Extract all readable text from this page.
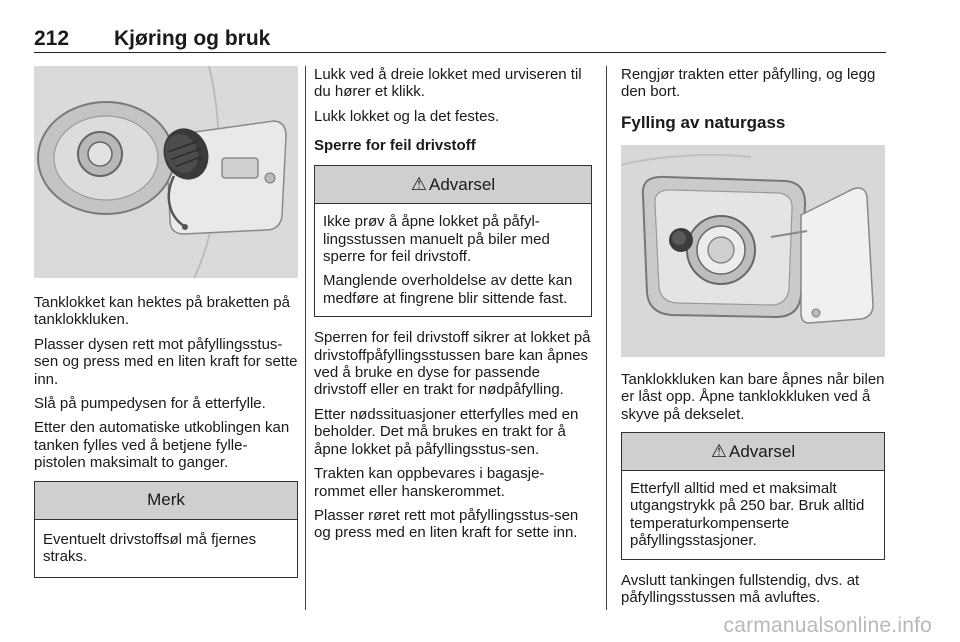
212 Kjøring og bruk

Tanklokket kan hektes på braketten på tanklokkluken.

Plasser dysen rett mot påfyllingsstus‐sen og press med en liten kraft for sette inn.

Slå på pumpedysen for å etterfylle.

Etter den automatiske utkoblingen kan tanken fylles ved å betjene fylle‐pistolen maksimalt to ganger.

Merk

Eventuelt drivstoffsøl må fjernes straks.

Lukk ved å dreie lokket med urviseren til du hører et klikk.

Lukk lokket og la det festes.

Sperre for feil drivstoff
⚠ Advarsel

Ikke prøv å åpne lokket på påfyl‐lingsstussen manuelt på biler med sperre for feil drivstoff.

Manglende overholdelse av dette kan medføre at fingrene blir sittende fast.

Sperren for feil drivstoff sikrer at lokket på drivstoffpåfyllingsstussen bare kan åpnes ved å bruke en dyse for passende drivstoff eller en trakt for nødpåfylling.

Etter nødssituasjoner etterfylles med en beholder. Det må brukes en trakt for å åpne lokket på påfyllingsstus‐sen.

Trakten kan oppbevares i bagasje‐rommet eller hanskerommet.

Plasser røret rett mot påfyllingsstus‐sen og press med en liten kraft for sette inn.

Rengjør trakten etter påfylling, og legg den bort.

Fylling av naturgass

Tanklokkluken kan bare åpnes når bilen er låst opp. Åpne tanklokkluken ved å skyve på dekselet.

⚠ Advarsel

Etterfyll alltid med et maksimalt utgangstrykk på 250 bar. Bruk alltid temperaturkompenserte påfyllingsstasjoner.

Avslutt tankingen fullstendig, dvs. at påfyllingsstussen må avluftes.

carmanualsonline.info
